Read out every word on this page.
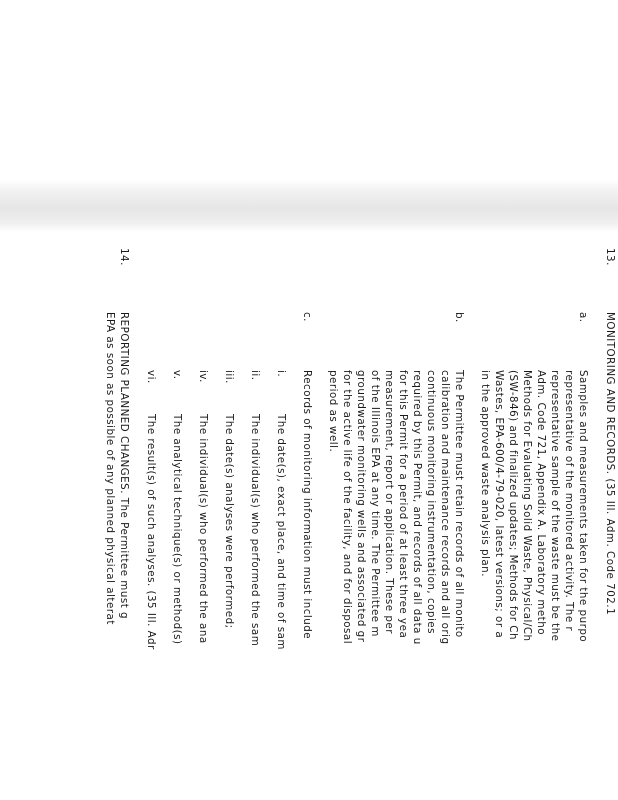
13.
MONITORING AND RECORDS. (35 Ill. Adm. Code 702.1
a.
Samples and measurements taken for the purpo
representative of the monitored activity. The r
representative sample of the waste must be the
Adm. Code 721, Appendix A. Laboratory metho
Methods for Evaluating Solid Waste, Physical/Ch
(SW-846) and finalized updates; Methods for Ch
Wastes, EPA-600/4-79-020, latest versions; or a
in the approved waste analysis plan.
b.
The Permittee must retain records of all monito
calibration and maintenance records and all orig
continuous monitoring instrumentation, copies
required by this Permit, and records of all data u
for this Permit for a period of at least three yea
measurement, report or application. These per
of the Illinois EPA at any time. The Permittee m
groundwater monitoring wells and associated gr
for the active life of the facility, and for disposal
period as well.
c.
Records of monitoring information must include
i.
The date(s), exact place, and time of sam
ii.
The individual(s) who performed the sam
iii.
The date(s) analyses were performed;
iv.
The individual(s) who performed the ana
v.
The analytical technique(s) or method(s)
vi.
The result(s) of such analyses. (35 Ill. Adr
14.
REPORTING PLANNED CHANGES. The Permittee must g
EPA as soon as possible of any planned physical alterat
